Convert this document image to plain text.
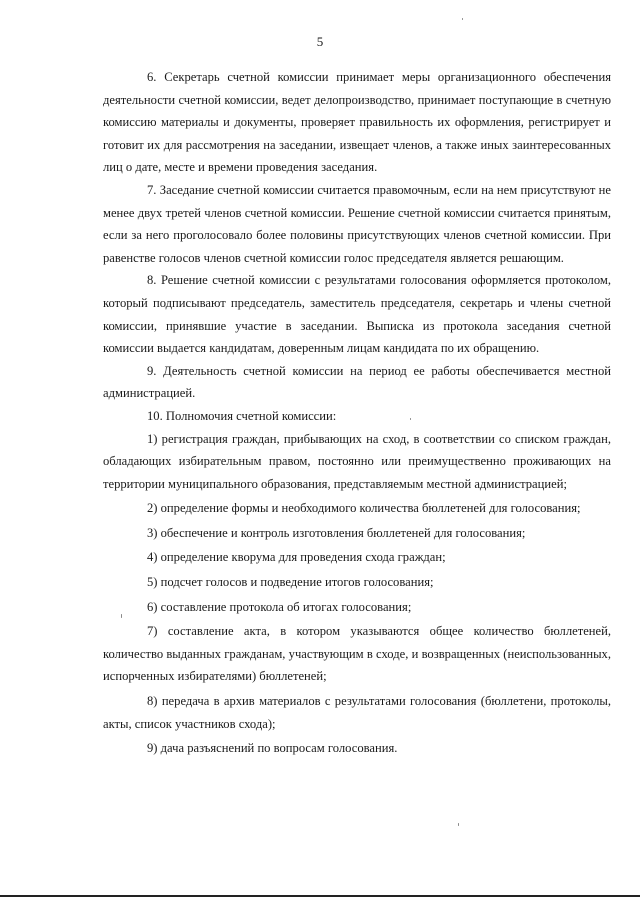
5

6. Секретарь счетной комиссии принимает меры организационного обеспечения деятельности счетной комиссии, ведет делопроизводство, принимает поступающие в счетную комиссию материалы и документы, проверяет правильность их оформления, регистрирует и готовит их для рассмотрения на заседании, извещает членов, а также иных заинтересованных лиц о дате, месте и времени проведения заседания.

7. Заседание счетной комиссии считается правомочным, если на нем присутствуют не менее двух третей членов счетной комиссии. Решение счетной комиссии считается принятым, если за него проголосовало более половины присутствующих членов счетной комиссии. При равенстве голосов членов счетной комиссии голос председателя является решающим.

8. Решение счетной комиссии с результатами голосования оформляется протоколом, который подписывают председатель, заместитель председателя, секретарь и члены счетной комиссии, принявшие участие в заседании. Выписка из протокола заседания счетной комиссии выдается кандидатам, доверенным лицам кандидата по их обращению.

9. Деятельность счетной комиссии на период ее работы обеспечивается местной администрацией.

10. Полномочия счетной комиссии:

1) регистрация граждан, прибывающих на сход, в соответствии со списком граждан, обладающих избирательным правом, постоянно или преимущественно проживающих на территории муниципального образования, представляемым местной администрацией;

2) определение формы и необходимого количества бюллетеней для голосования;

3) обеспечение и контроль изготовления бюллетеней для голосования;

4) определение кворума для проведения схода граждан;

5) подсчет голосов и подведение итогов голосования;

6) составление протокола об итогах голосования;

7) составление акта, в котором указываются общее количество бюллетеней, количество выданных гражданам, участвующим в сходе, и возвращенных (неиспользованных, испорченных избирателями) бюллетеней;

8) передача в архив материалов с результатами голосования (бюллетени, протоколы, акты, список участников схода);

9) дача разъяснений по вопросам голосования.
